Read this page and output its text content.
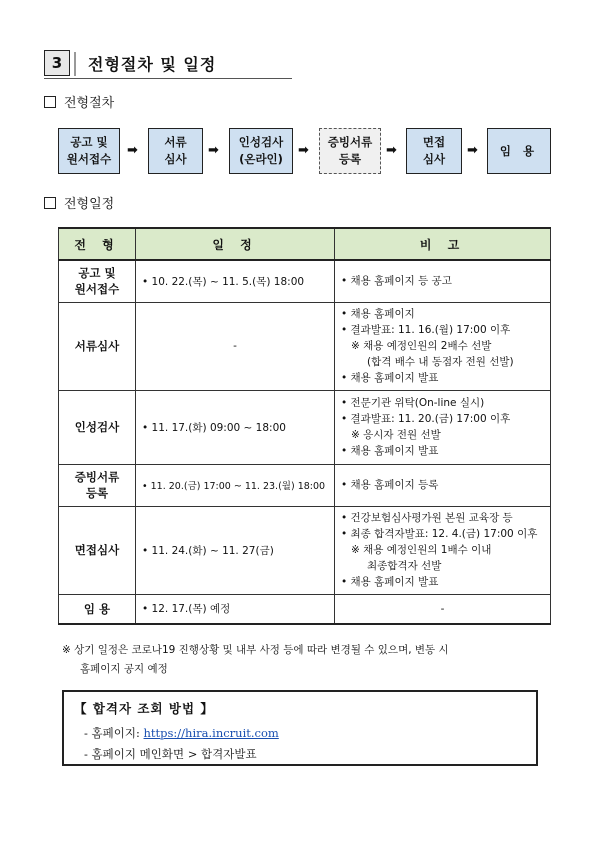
3	전형절차 및 일정
전형절차
공고 및
원서접수
➡
서류
심사
➡
인성검사
(온라인)
➡
증빙서류
등록
➡
면접
심사
➡ 임 용
전형일정
전 형	일 정	비 고

공고 및
원서접수	• 10. 22.(목) ~ 11. 5.(목) 18:00	• 채용 홈페이지 등 공고

서류심사	-	• 채용 홈페이지
• 결과발표: 11. 16.(월) 17:00 이후
※ 채용 예정인원의 2배수 선발
(합격 배수 내 동점자 전원 선발)
• 채용 홈페이지 발표

인성검사	• 11. 17.(화) 09:00 ~ 18:00	• 전문기관 위탁(On-line 실시)
• 결과발표: 11. 20.(금) 17:00 이후
※ 응시자 전원 선발
• 채용 홈페이지 발표

증빙서류
등록	• 11. 20.(금) 17:00 ~ 11. 23.(월) 18:00	• 채용 홈페이지 등록

면접심사	• 11. 24.(화) ~ 11. 27(금)	• 건강보험심사평가원 본원 교육장 등
• 최종 합격자발표: 12. 4.(금) 17:00 이후
※ 채용 예정인원의 1배수 이내
최종합격자 선발
• 채용 홈페이지 발표

임 용	• 12. 17.(목) 예정	-
※ 상기 일정은 코로나19 진행상황 및 내부 사정 등에 따라 변경될 수 있으며, 변동 시
홈페이지 공지 예정
【 합격자 조회 방법 】
- 홈페이지: https://hira.incruit.com
- 홈페이지 메인화면 > 합격자발표
